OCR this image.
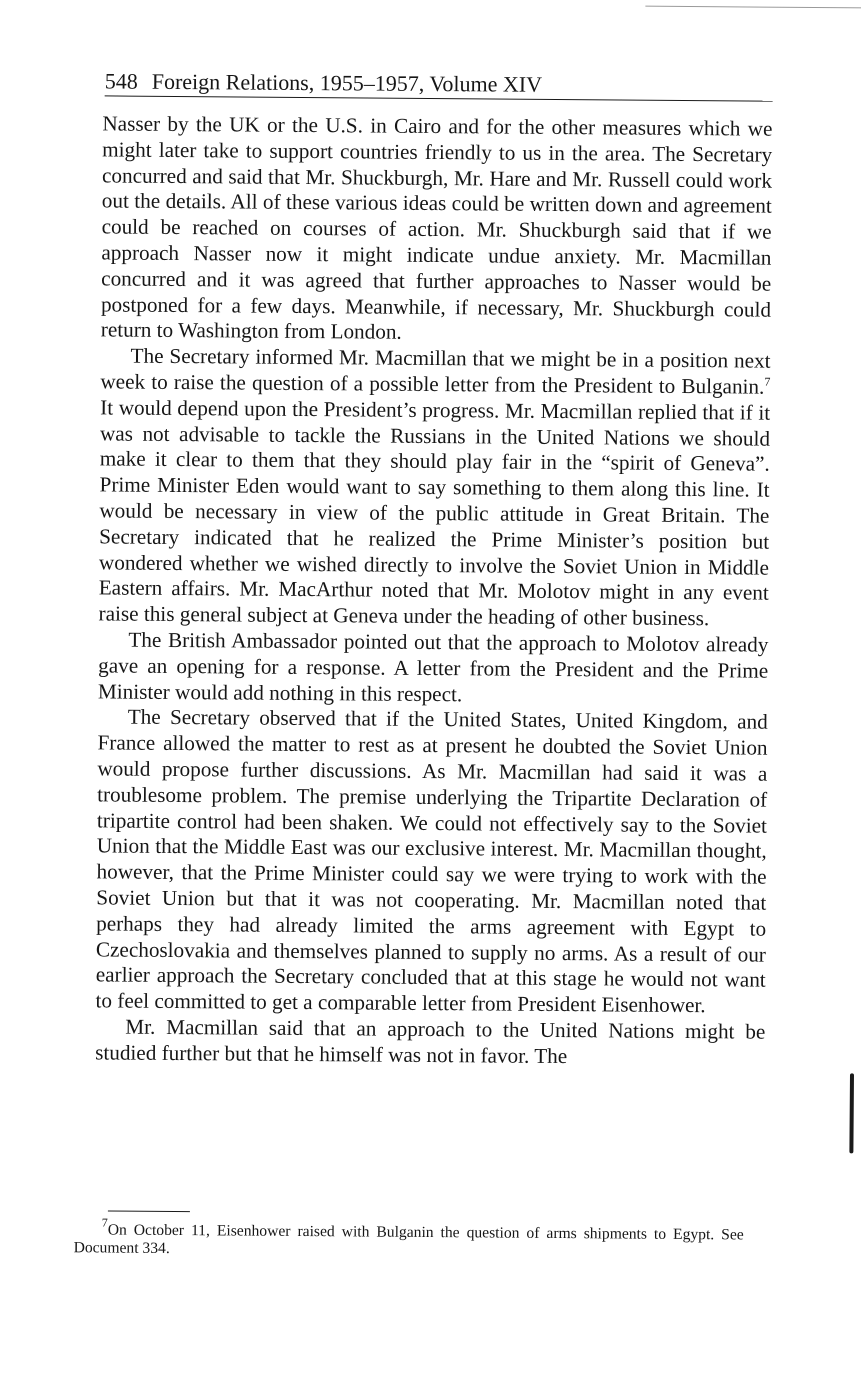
548 Foreign Relations, 1955–1957, Volume XIV

Nasser by the UK or the U.S. in Cairo and for the other measures which we might later take to support countries friendly to us in the area. The Secretary concurred and said that Mr. Shuckburgh, Mr. Hare and Mr. Russell could work out the details. All of these various ideas could be written down and agreement could be reached on courses of action. Mr. Shuckburgh said that if we approach Nasser now it might indicate undue anxiety. Mr. Macmillan concurred and it was agreed that further approaches to Nasser would be postponed for a few days. Meanwhile, if necessary, Mr. Shuckburgh could return to Washington from London.

The Secretary informed Mr. Macmillan that we might be in a position next week to raise the question of a possible letter from the President to Bulganin.$^7$ It would depend upon the President’s progress. Mr. Macmillan replied that if it was not advisable to tackle the Russians in the United Nations we should make it clear to them that they should play fair in the “spirit of Geneva”. Prime Minister Eden would want to say something to them along this line. It would be necessary in view of the public attitude in Great Britain. The Secretary indicated that he realized the Prime Minister’s position but wondered whether we wished directly to involve the Soviet Union in Middle Eastern affairs. Mr. MacArthur noted that Mr. Molotov might in any event raise this general subject at Geneva under the heading of other business.

The British Ambassador pointed out that the approach to Molotov already gave an opening for a response. A letter from the President and the Prime Minister would add nothing in this respect.

The Secretary observed that if the United States, United Kingdom, and France allowed the matter to rest as at present he doubted the Soviet Union would propose further discussions. As Mr. Macmillan had said it was a troublesome problem. The premise underlying the Tripartite Declaration of tripartite control had been shaken. We could not effectively say to the Soviet Union that the Middle East was our exclusive interest. Mr. Macmillan thought, however, that the Prime Minister could say we were trying to work with the Soviet Union but that it was not cooperating. Mr. Macmillan noted that perhaps they had already limited the arms agreement with Egypt to Czechoslovakia and themselves planned to supply no arms. As a result of our earlier approach the Secretary concluded that at this stage he would not want to feel committed to get a comparable letter from President Eisenhower.

Mr. Macmillan said that an approach to the United Nations might be studied further but that he himself was not in favor. The

$^7$On October 11, Eisenhower raised with Bulganin the question of arms shipments to Egypt. See Document 334.
